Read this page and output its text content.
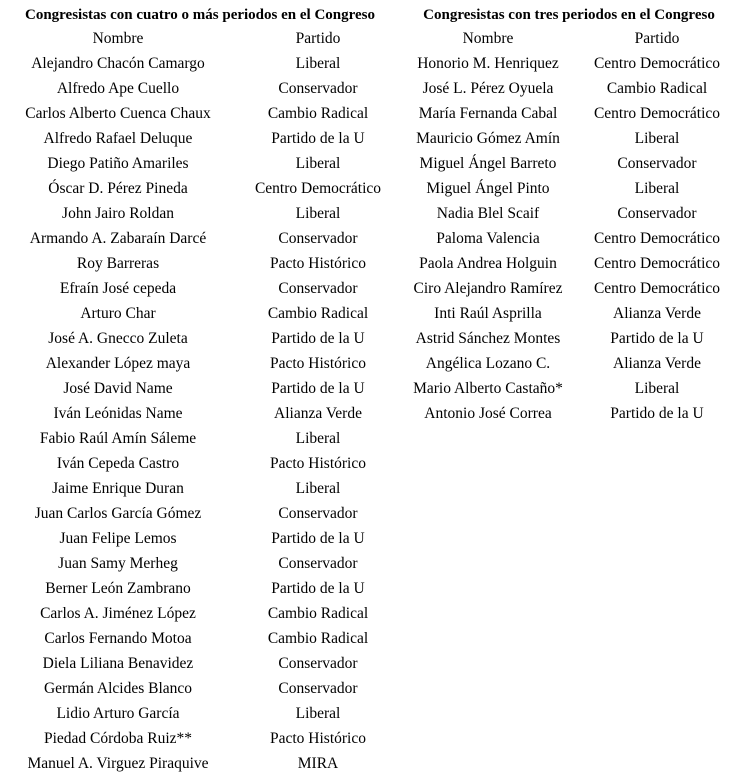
Congresistas con cuatro o más periodos en el Congreso
Nombre	Partido
Alejandro Chacón Camargo	Liberal
Alfredo Ape Cuello	Conservador
Carlos Alberto Cuenca Chaux	Cambio Radical
Alfredo Rafael Deluque	Partido de la U
Diego Patiño Amariles	Liberal
Óscar D. Pérez Pineda	Centro Democrático
John Jairo Roldan	Liberal
Armando A. Zabaraín Darcé	Conservador
Roy Barreras	Pacto Histórico
Efraín José cepeda	Conservador
Arturo Char	Cambio Radical
José A. Gnecco Zuleta	Partido de la U
Alexander López maya	Pacto Histórico
José David Name	Partido de la U
Iván Leónidas Name	Alianza Verde
Fabio Raúl Amín Sáleme	Liberal
Iván Cepeda Castro	Pacto Histórico
Jaime Enrique Duran	Liberal
Juan Carlos García Gómez	Conservador
Juan Felipe Lemos	Partido de la U
Juan Samy Merheg	Conservador
Berner León Zambrano	Partido de la U
Carlos A. Jiménez López	Cambio Radical
Carlos Fernando Motoa	Cambio Radical
Diela Liliana Benavidez	Conservador
Germán Alcides Blanco	Conservador
Lidio Arturo García	Liberal
Piedad Córdoba Ruiz**	Pacto Histórico
Manuel A. Virguez Piraquive	MIRA
Congresistas con tres periodos en el Congreso
Nombre	Partido
Honorio M. Henriquez	Centro Democrático
José L. Pérez Oyuela	Cambio Radical
María Fernanda Cabal	Centro Democrático
Mauricio Gómez Amín	Liberal
Miguel Ángel Barreto	Conservador
Miguel Ángel Pinto	Liberal
Nadia Blel Scaif	Conservador
Paloma Valencia	Centro Democrático
Paola Andrea Holguin	Centro Democrático
Ciro Alejandro Ramírez	Centro Democrático
Inti Raúl Asprilla	Alianza Verde
Astrid Sánchez Montes	Partido de la U
Angélica Lozano C.	Alianza Verde
Mario Alberto Castaño*	Liberal
Antonio José Correa	Partido de la U
